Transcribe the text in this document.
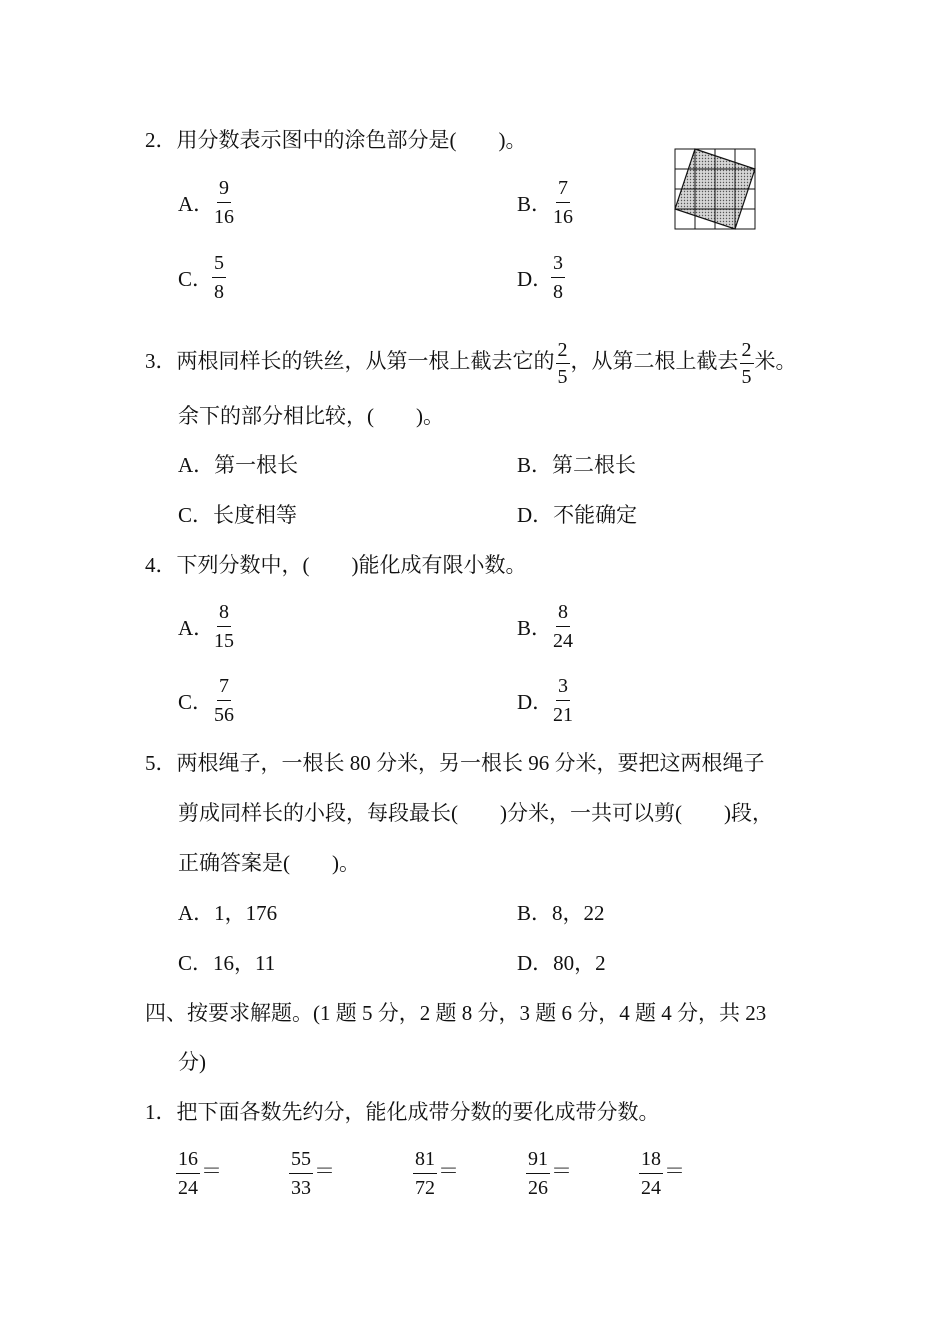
2．用分数表示图中的涂色部分是(　　)。
A． $\frac{9}{16}$	B． $\frac{7}{16}$
C．
$\frac{5}{8}$	D．
$\frac{3}{8}$
3．两根同样长的铁丝，从第一根上截去它的 $\frac{2}{5}$ ，从第二根上截去 $\frac{2}{5}$ 米。
余下的部分相比较，(　　)。
A．第一根长	B．第二根长
C．长度相等	D．不能确定
4．下列分数中，(　　)能化成有限小数。
A． $\frac{8}{15}$	B． $\frac{8}{24}$
C． $\frac{7}{56}$	D． $\frac{3}{21}$
5．两根绳子，一根长 80 分米，另一根长 96 分米，要把这两根绳子
剪成同样长的小段，每段最长(　　)分米，一共可以剪(　　)段，
正确答案是(　　)。
A．1，176	B．8，22
C．16，11	D．80，2
四、按要求解题。(1 题 5 分，2 题 8 分，3 题 6 分，4 题 4 分，共 23
分)
1．把下面各数先约分，能化成带分数的要化成带分数。
$\frac{16}{24}$ ＝	$\frac{55}{33}$ ＝	$\frac{81}{72}$ ＝	$\frac{91}{26}$ ＝	$\frac{18}{24}$ ＝
